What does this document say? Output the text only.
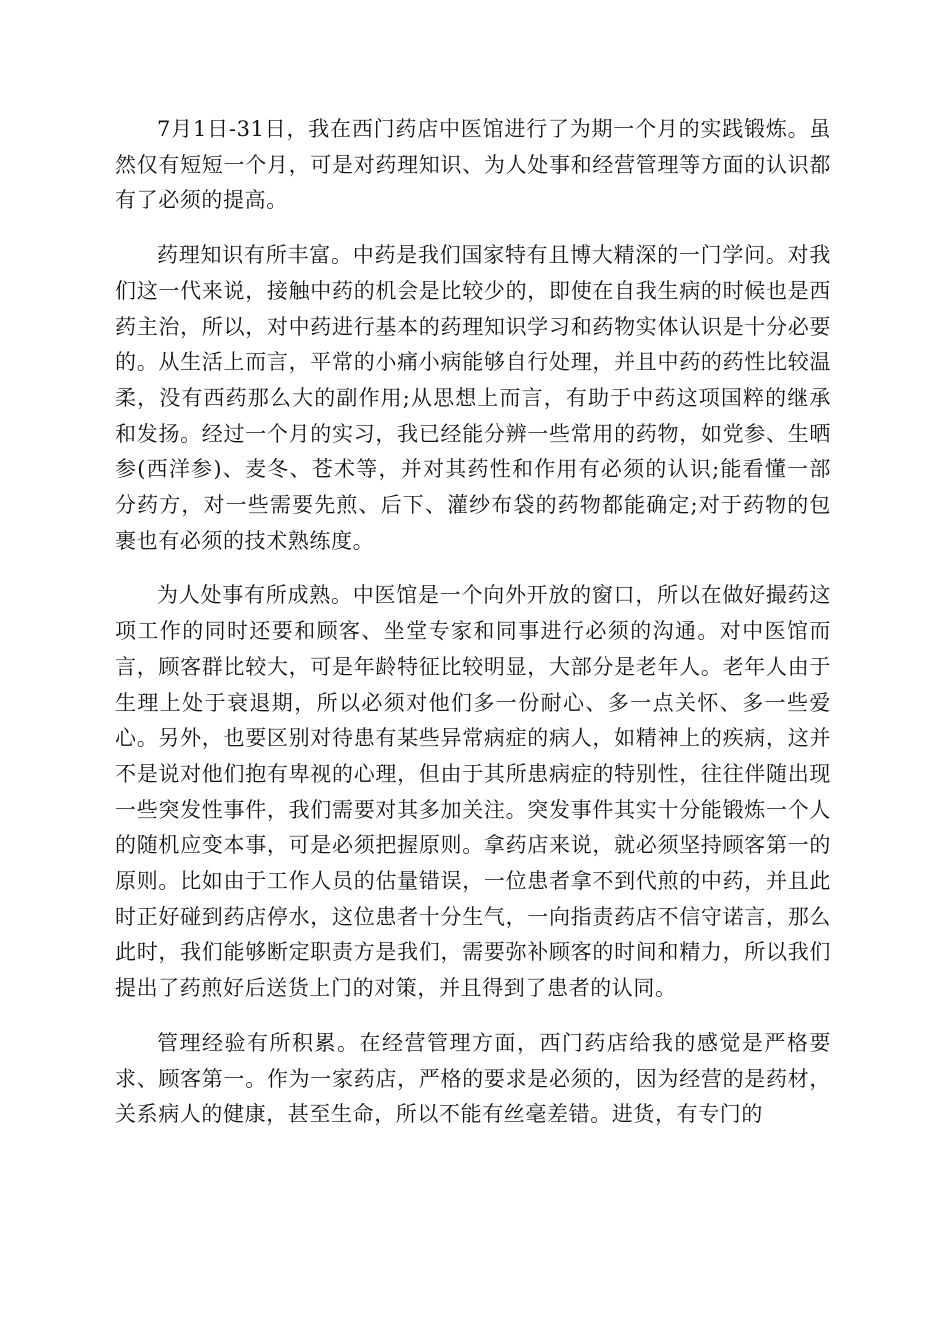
7月1日-31日，我在西门药店中医馆进行了为期一个月的实践锻炼。虽然仅有短短一个月，可是对药理知识、为人处事和经营管理等方面的认识都有了必须的提高。

药理知识有所丰富。中药是我们国家特有且博大精深的一门学问。对我们这一代来说，接触中药的机会是比较少的，即使在自我生病的时候也是西药主治，所以，对中药进行基本的药理知识学习和药物实体认识是十分必要的。从生活上而言，平常的小痛小病能够自行处理，并且中药的药性比较温柔，没有西药那么大的副作用;从思想上而言，有助于中药这项国粹的继承和发扬。经过一个月的实习，我已经能分辨一些常用的药物，如党参、生晒参(西洋参)、麦冬、苍术等，并对其药性和作用有必须的认识;能看懂一部分药方，对一些需要先煎、后下、灌纱布袋的药物都能确定;对于药物的包裹也有必须的技术熟练度。

为人处事有所成熟。中医馆是一个向外开放的窗口，所以在做好撮药这项工作的同时还要和顾客、坐堂专家和同事进行必须的沟通。对中医馆而言，顾客群比较大，可是年龄特征比较明显，大部分是老年人。老年人由于生理上处于衰退期，所以必须对他们多一份耐心、多一点关怀、多一些爱心。另外，也要区别对待患有某些异常病症的病人，如精神上的疾病，这并不是说对他们抱有卑视的心理，但由于其所患病症的特别性，往往伴随出现一些突发性事件，我们需要对其多加关注。突发事件其实十分能锻炼一个人的随机应变本事，可是必须把握原则。拿药店来说，就必须坚持顾客第一的原则。比如由于工作人员的估量错误，一位患者拿不到代煎的中药，并且此时正好碰到药店停水，这位患者十分生气，一向指责药店不信守诺言，那么此时，我们能够断定职责方是我们，需要弥补顾客的时间和精力，所以我们提出了药煎好后送货上门的对策，并且得到了患者的认同。

管理经验有所积累。在经营管理方面，西门药店给我的感觉是严格要求、顾客第一。作为一家药店，严格的要求是必须的，因为经营的是药材，关系病人的健康，甚至生命，所以不能有丝毫差错。进货，有专门的
